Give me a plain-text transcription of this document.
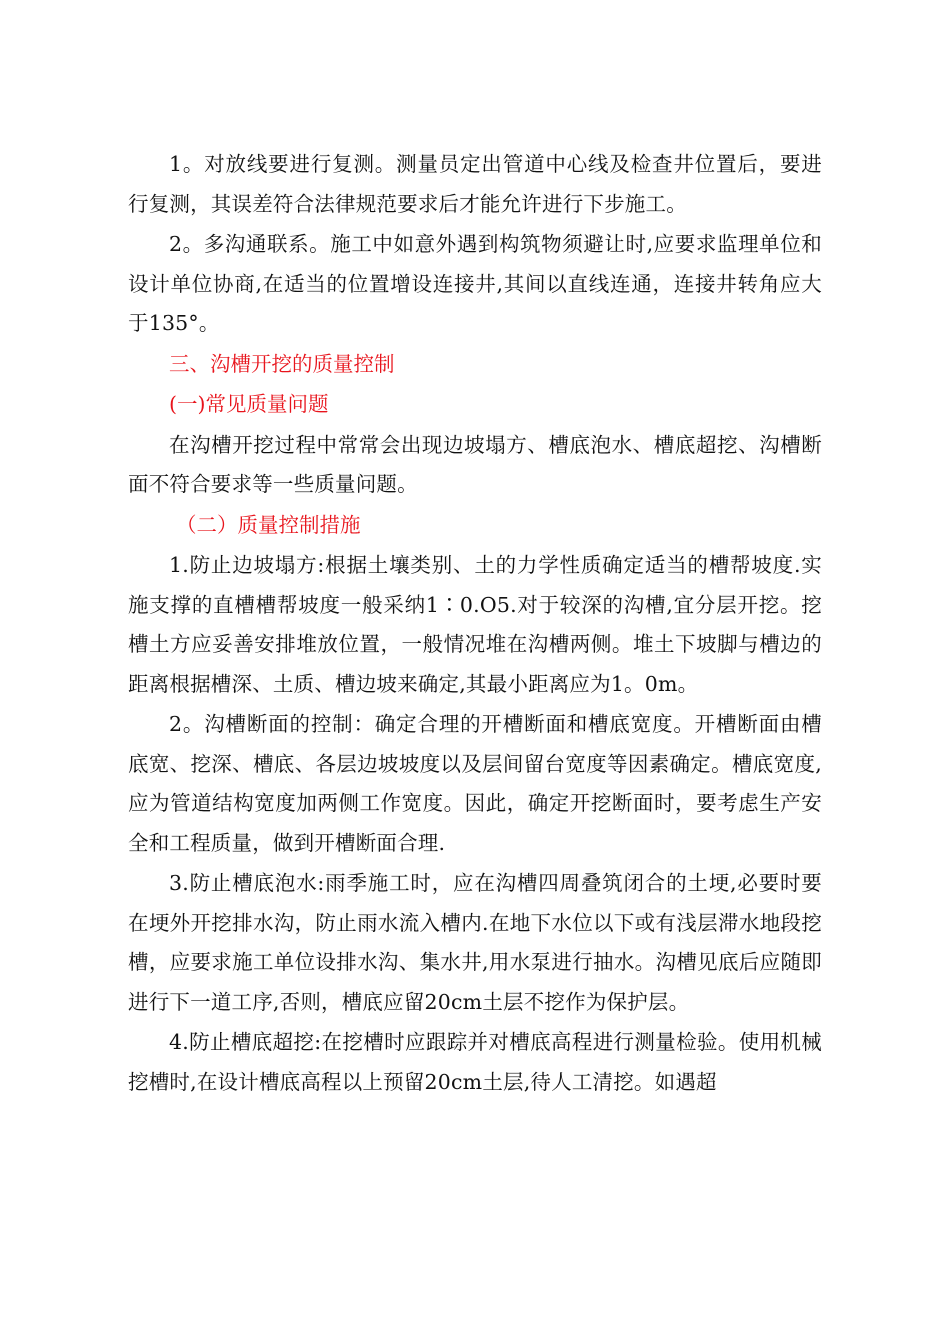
1。对放线要进行复测。测量员定出管道中心线及检查井位置后，要进行复测，其误差符合法律规范要求后才能允许进行下步施工。

2。多沟通联系。施工中如意外遇到构筑物须避让时,应要求监理单位和设计单位协商,在适当的位置增设连接井,其间以直线连通，连接井转角应大于135°。

三、沟槽开挖的质量控制

(一)常见质量问题

在沟槽开挖过程中常常会出现边坡塌方、槽底泡水、槽底超挖、沟槽断面不符合要求等一些质量问题。

（二）质量控制措施

1.防止边坡塌方:根据土壤类别、土的力学性质确定适当的槽帮坡度.实施支撑的直槽槽帮坡度一般采纳1∶0.O5.对于较深的沟槽,宜分层开挖。挖槽土方应妥善安排堆放位置，一般情况堆在沟槽两侧。堆土下坡脚与槽边的距离根据槽深、土质、槽边坡来确定,其最小距离应为1。0m。

2。沟槽断面的控制：确定合理的开槽断面和槽底宽度。开槽断面由槽底宽、挖深、槽底、各层边坡坡度以及层间留台宽度等因素确定。槽底宽度,应为管道结构宽度加两侧工作宽度。因此，确定开挖断面时，要考虑生产安全和工程质量，做到开槽断面合理.

3.防止槽底泡水:雨季施工时，应在沟槽四周叠筑闭合的土埂,必要时要在埂外开挖排水沟，防止雨水流入槽内.在地下水位以下或有浅层滞水地段挖槽，应要求施工单位设排水沟、集水井,用水泵进行抽水。沟槽见底后应随即进行下一道工序,否则，槽底应留20cm土层不挖作为保护层。

4.防止槽底超挖:在挖槽时应跟踪并对槽底高程进行测量检验。使用机械挖槽时,在设计槽底高程以上预留20cm土层,待人工清挖。如遇超
